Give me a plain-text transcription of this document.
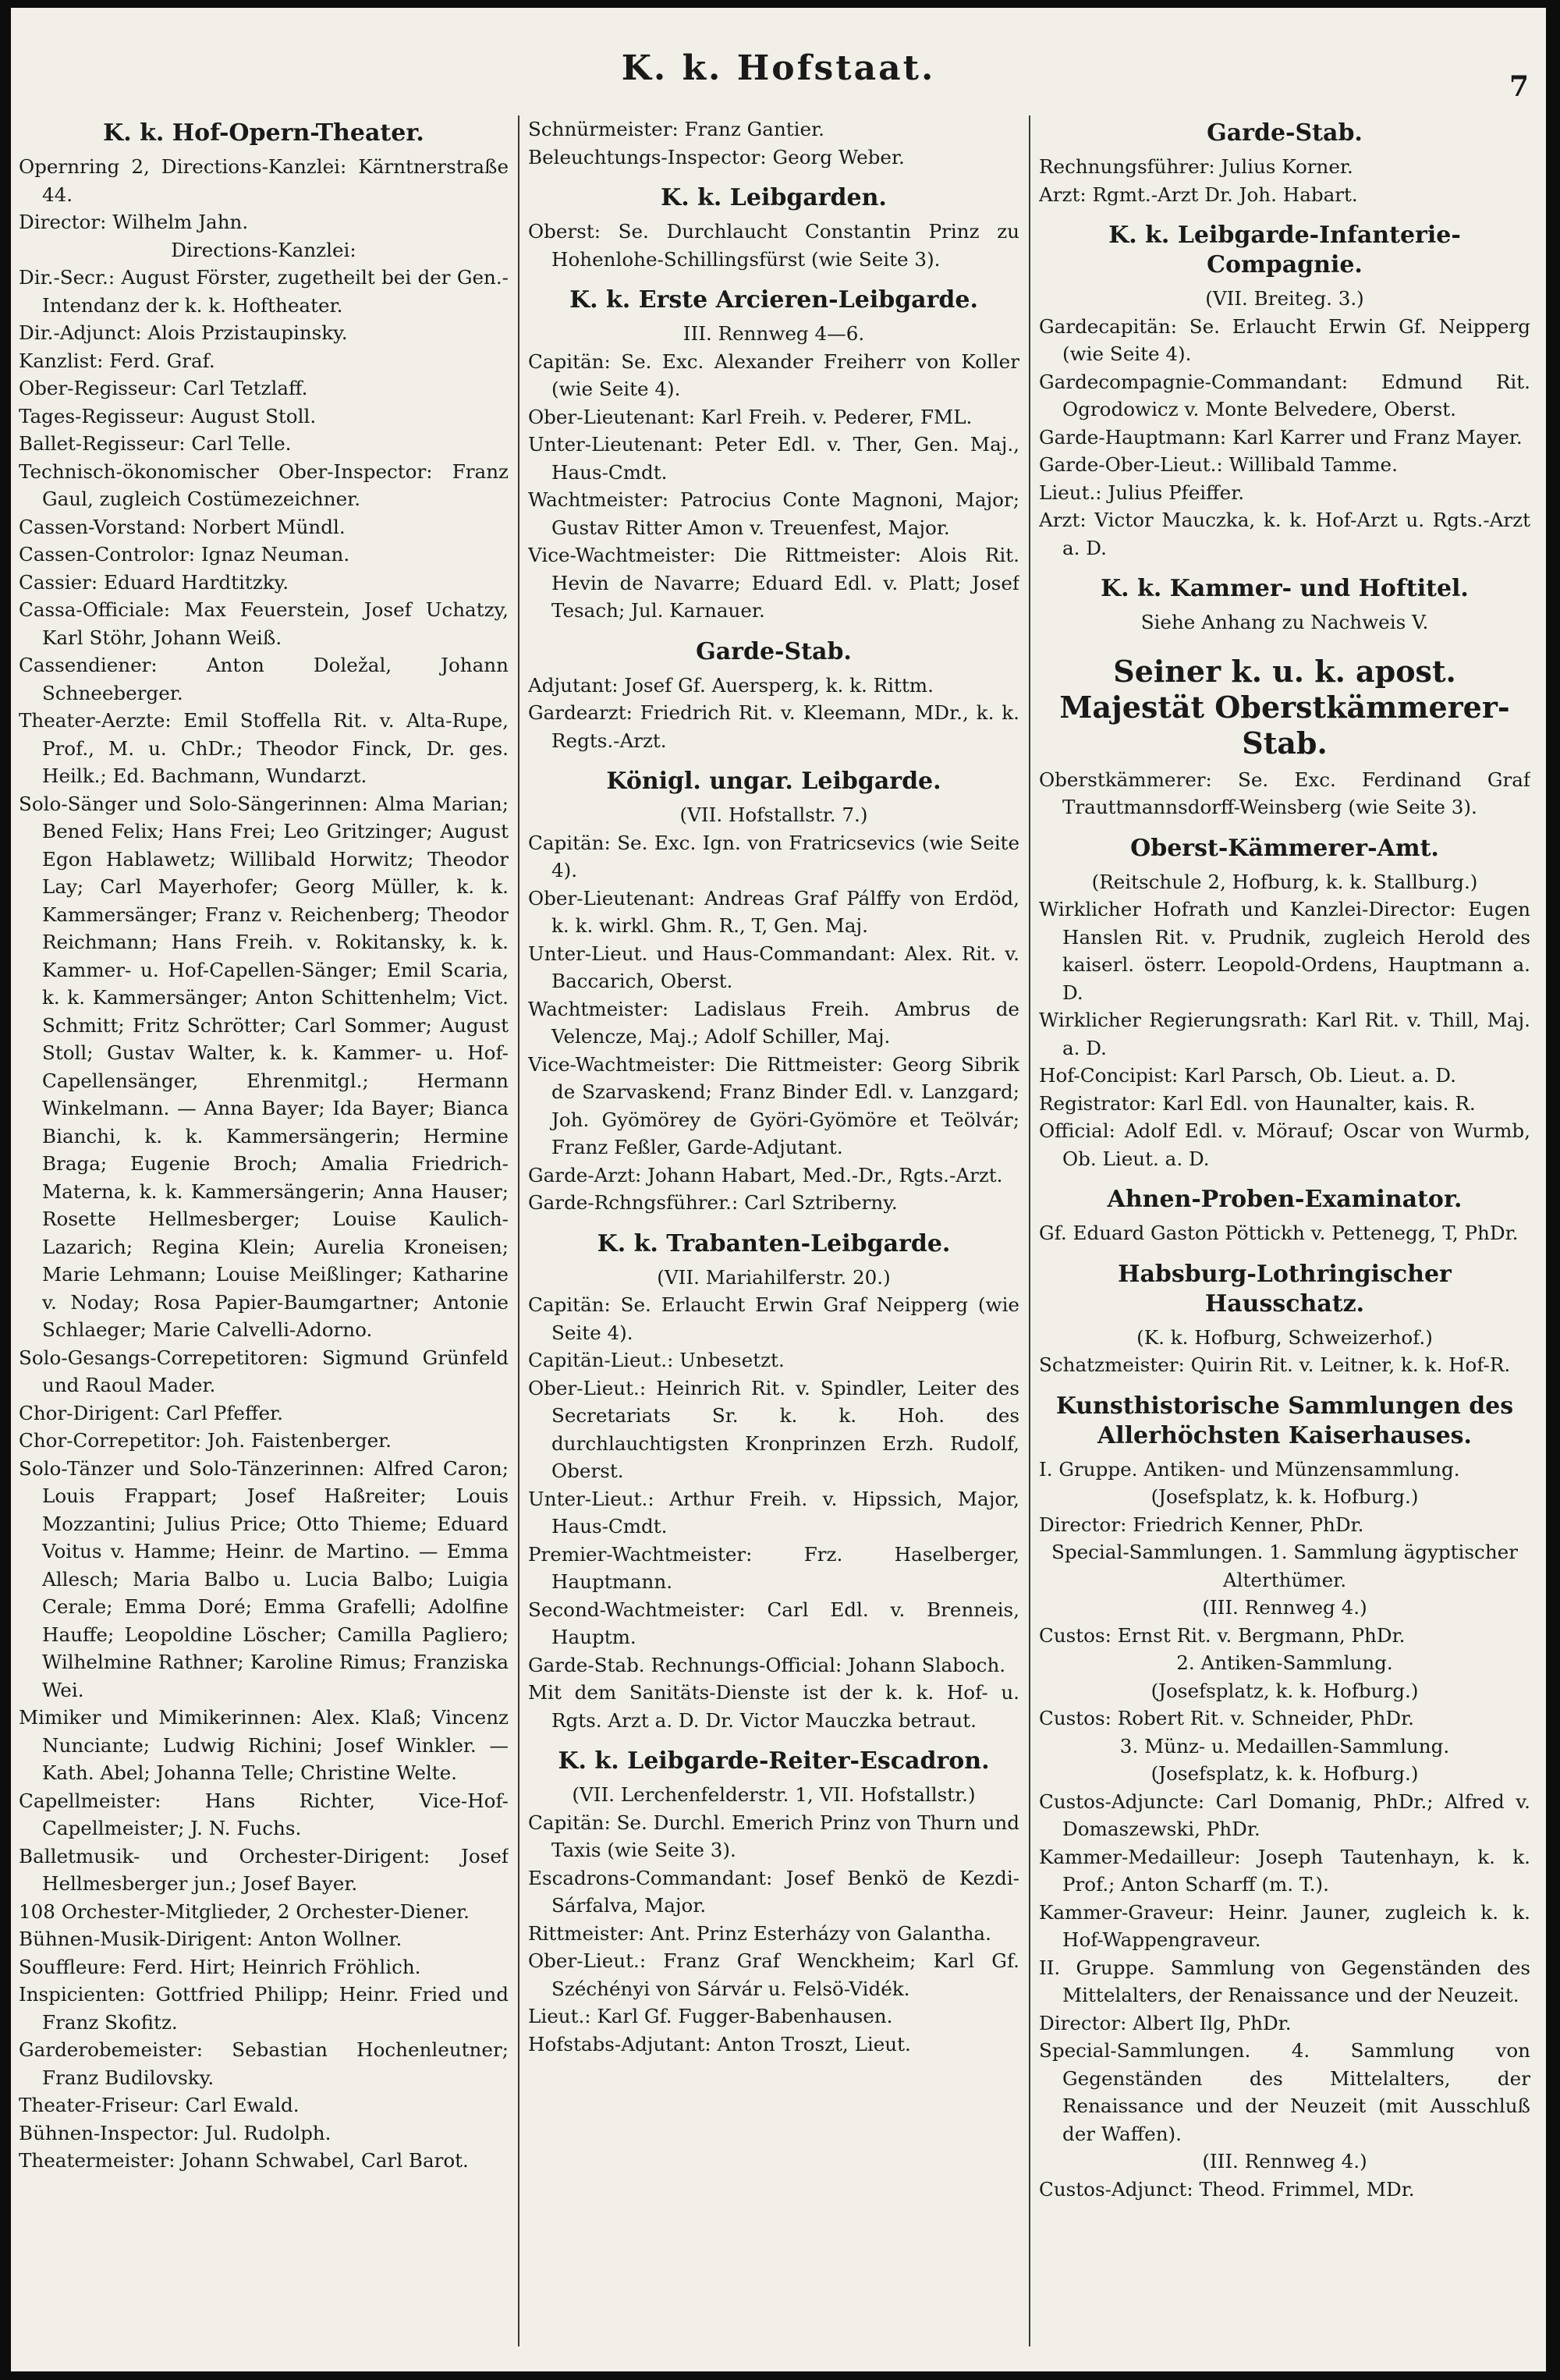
K. k. Hofstaat.	7
K. k. Hof-Opern-Theater.
Opernring 2, Directions-Kanzlei: Kärntnerstraße 44.
Director: Wilhelm Jahn.
Directions-Kanzlei:
Dir.-Secr.: August Förster, zugetheilt bei der Gen.-Intendanz der k. k. Hoftheater.
Dir.-Adjunct: Alois Przistaupinsky.
Kanzlist: Ferd. Graf.
Ober-Regisseur: Carl Tetzlaff.
Tages-Regisseur: August Stoll.
Ballet-Regisseur: Carl Telle.
Technisch-ökonomischer Ober-Inspector: Franz Gaul, zugleich Costümezeichner.
Cassen-Vorstand: Norbert Mündl.
Cassen-Controlor: Ignaz Neuman.
Cassier: Eduard Hardtitzky.
Cassa-Officiale: Max Feuerstein, Josef Uchatzy, Karl Stöhr, Johann Weiß.
Cassendiener: Anton Doležal, Johann Schneeberger.
Theater-Aerzte: Emil Stoffella Rit. v. Alta-Rupe, Prof., M. u. ChDr.; Theodor Finck, Dr. ges. Heilk.; Ed. Bachmann, Wundarzt.
Solo-Sänger und Solo-Sängerinnen: Alma Marian; Bened Felix; Hans Frei; Leo Gritzinger; August Egon Hablawetz; Willibald Horwitz; Theodor Lay; Carl Mayerhofer; Georg Müller, k. k. Kammersänger; Franz v. Reichenberg; Theodor Reichmann; Hans Freih. v. Rokitansky, k. k. Kammer- u. Hof-Capellen-Sänger; Emil Scaria, k. k. Kammersänger; Anton Schittenhelm; Vict. Schmitt; Fritz Schrötter; Carl Sommer; August Stoll; Gustav Walter, k. k. Kammer- u. Hof-Capellensänger, Ehrenmitgl.; Hermann Winkelmann. — Anna Bayer; Ida Bayer; Bianca Bianchi, k. k. Kammersängerin; Hermine Braga; Eugenie Broch; Amalia Friedrich-Materna, k. k. Kammersängerin; Anna Hauser; Rosette Hellmesberger; Louise Kaulich-Lazarich; Regina Klein; Aurelia Kroneisen; Marie Lehmann; Louise Meißlinger; Katharine v. Noday; Rosa Papier-Baumgartner; Antonie Schlaeger; Marie Calvelli-Adorno.
Solo-Gesangs-Correpetitoren: Sigmund Grünfeld und Raoul Mader.
Chor-Dirigent: Carl Pfeffer.
Chor-Correpetitor: Joh. Faistenberger.
Solo-Tänzer und Solo-Tänzerinnen: Alfred Caron; Louis Frappart; Josef Haßreiter; Louis Mozzantini; Julius Price; Otto Thieme; Eduard Voitus v. Hamme; Heinr. de Martino. — Emma Allesch; Maria Balbo u. Lucia Balbo; Luigia Cerale; Emma Doré; Emma Grafelli; Adolfine Hauffe; Leopoldine Löscher; Camilla Pagliero; Wilhelmine Rathner; Karoline Rimus; Franziska Wei.
Mimiker und Mimikerinnen: Alex. Klaß; Vincenz Nunciante; Ludwig Richini; Josef Winkler. — Kath. Abel; Johanna Telle; Christine Welte.
Capellmeister: Hans Richter, Vice-Hof-Capellmeister; J. N. Fuchs.
Balletmusik- und Orchester-Dirigent: Josef Hellmesberger jun.; Josef Bayer.
108 Orchester-Mitglieder, 2 Orchester-Diener.
Bühnen-Musik-Dirigent: Anton Wollner.
Souffleure: Ferd. Hirt; Heinrich Fröhlich.
Inspicienten: Gottfried Philipp; Heinr. Fried und Franz Skofitz.
Garderobemeister: Sebastian Hochenleutner; Franz Budilovsky.
Theater-Friseur: Carl Ewald.
Bühnen-Inspector: Jul. Rudolph.
Theatermeister: Johann Schwabel, Carl Barot.
Schnürmeister: Franz Gantier.
Beleuchtungs-Inspector: Georg Weber.
K. k. Leibgarden.
Oberst: Se. Durchlaucht Constantin Prinz zu Hohenlohe-Schillingsfürst (wie Seite 3).
K. k. Erste Arcieren-Leibgarde.
III. Rennweg 4—6.
Capitän: Se. Exc. Alexander Freiherr von Koller (wie Seite 4).
Ober-Lieutenant: Karl Freih. v. Pederer, FML.
Unter-Lieutenant: Peter Edl. v. Ther, Gen. Maj., Haus-Cmdt.
Wachtmeister: Patrocius Conte Magnoni, Major; Gustav Ritter Amon v. Treuenfest, Major.
Vice-Wachtmeister: Die Rittmeister: Alois Rit. Hevin de Navarre; Eduard Edl. v. Platt; Josef Tesach; Jul. Karnauer.
Garde-Stab.
Adjutant: Josef Gf. Auersperg, k. k. Rittm.
Gardearzt: Friedrich Rit. v. Kleemann, MDr., k. k. Regts.-Arzt.
Königl. ungar. Leibgarde.
(VII. Hofstallstr. 7.)
Capitän: Se. Exc. Ign. von Fratricsevics (wie Seite 4).
Ober-Lieutenant: Andreas Graf Pálffy von Erdöd, k. k. wirkl. Ghm. R., T, Gen. Maj.
Unter-Lieut. und Haus-Commandant: Alex. Rit. v. Baccarich, Oberst.
Wachtmeister: Ladislaus Freih. Ambrus de Velencze, Maj.; Adolf Schiller, Maj.
Vice-Wachtmeister: Die Rittmeister: Georg Sibrik de Szarvaskend; Franz Binder Edl. v. Lanzgard; Joh. Gyömörey de Györi-Gyömöre et Teölvár; Franz Feßler, Garde-Adjutant.
Garde-Arzt: Johann Habart, Med.-Dr., Rgts.-Arzt.
Garde-Rchngsführer.: Carl Sztriberny.
K. k. Trabanten-Leibgarde.
(VII. Mariahilferstr. 20.)
Capitän: Se. Erlaucht Erwin Graf Neipperg (wie Seite 4).
Capitän-Lieut.: Unbesetzt.
Ober-Lieut.: Heinrich Rit. v. Spindler, Leiter des Secretariats Sr. k. k. Hoh. des durchlauchtigsten Kronprinzen Erzh. Rudolf, Oberst.
Unter-Lieut.: Arthur Freih. v. Hipssich, Major, Haus-Cmdt.
Premier-Wachtmeister: Frz. Haselberger, Hauptmann.
Second-Wachtmeister: Carl Edl. v. Brenneis, Hauptm.
Garde-Stab. Rechnungs-Official: Johann Slaboch.
Mit dem Sanitäts-Dienste ist der k. k. Hof- u. Rgts. Arzt a. D. Dr. Victor Mauczka betraut.
K. k. Leibgarde-Reiter-Escadron.
(VII. Lerchenfelderstr. 1, VII. Hofstallstr.)
Capitän: Se. Durchl. Emerich Prinz von Thurn und Taxis (wie Seite 3).
Escadrons-Commandant: Josef Benkö de Kezdi-Sárfalva, Major.
Rittmeister: Ant. Prinz Esterházy von Galantha.
Ober-Lieut.: Franz Graf Wenckheim; Karl Gf. Széchényi von Sárvár u. Felsö-Vidék.
Lieut.: Karl Gf. Fugger-Babenhausen.
Hofstabs-Adjutant: Anton Troszt, Lieut.
Garde-Stab.
Rechnungsführer: Julius Korner.
Arzt: Rgmt.-Arzt Dr. Joh. Habart.
K. k. Leibgarde-Infanterie-Compagnie.
(VII. Breiteg. 3.)
Gardecapitän: Se. Erlaucht Erwin Gf. Neipperg (wie Seite 4).
Gardecompagnie-Commandant: Edmund Rit. Ogrodowicz v. Monte Belvedere, Oberst.
Garde-Hauptmann: Karl Karrer und Franz Mayer.
Garde-Ober-Lieut.: Willibald Tamme.
Lieut.: Julius Pfeiffer.
Arzt: Victor Mauczka, k. k. Hof-Arzt u. Rgts.-Arzt a. D.
K. k. Kammer- und Hoftitel.
Siehe Anhang zu Nachweis V.
Seiner k. u. k. apost. Majestät Oberstkämmerer-Stab.
Oberstkämmerer: Se. Exc. Ferdinand Graf Trauttmannsdorff-Weinsberg (wie Seite 3).
Oberst-Kämmerer-Amt.
(Reitschule 2, Hofburg, k. k. Stallburg.)
Wirklicher Hofrath und Kanzlei-Director: Eugen Hanslen Rit. v. Prudnik, zugleich Herold des kaiserl. österr. Leopold-Ordens, Hauptmann a. D.
Wirklicher Regierungsrath: Karl Rit. v. Thill, Maj. a. D.
Hof-Concipist: Karl Parsch, Ob. Lieut. a. D.
Registrator: Karl Edl. von Haunalter, kais. R.
Official: Adolf Edl. v. Mörauf; Oscar von Wurmb, Ob. Lieut. a. D.
Ahnen-Proben-Examinator.
Gf. Eduard Gaston Pöttickh v. Pettenegg, T, PhDr.
Habsburg-Lothringischer Hausschatz.
(K. k. Hofburg, Schweizerhof.)
Schatzmeister: Quirin Rit. v. Leitner, k. k. Hof-R.
Kunsthistorische Sammlungen des Allerhöchsten Kaiserhauses.
I. Gruppe. Antiken- und Münzensammlung.
(Josefsplatz, k. k. Hofburg.)
Director: Friedrich Kenner, PhDr.
Special-Sammlungen. 1. Sammlung ägyptischer Alterthümer.
(III. Rennweg 4.)
Custos: Ernst Rit. v. Bergmann, PhDr.
2. Antiken-Sammlung.
(Josefsplatz, k. k. Hofburg.)
Custos: Robert Rit. v. Schneider, PhDr.
3. Münz- u. Medaillen-Sammlung.
(Josefsplatz, k. k. Hofburg.)
Custos-Adjuncte: Carl Domanig, PhDr.; Alfred v. Domaszewski, PhDr.
Kammer-Medailleur: Joseph Tautenhayn, k. k. Prof.; Anton Scharff (m. T.).
Kammer-Graveur: Heinr. Jauner, zugleich k. k. Hof-Wappengraveur.
II. Gruppe. Sammlung von Gegenständen des Mittelalters, der Renaissance und der Neuzeit.
Director: Albert Ilg, PhDr.
Special-Sammlungen. 4. Sammlung von Gegenständen des Mittelalters, der Renaissance und der Neuzeit (mit Ausschluß der Waffen).
(III. Rennweg 4.)
Custos-Adjunct: Theod. Frimmel, MDr.
